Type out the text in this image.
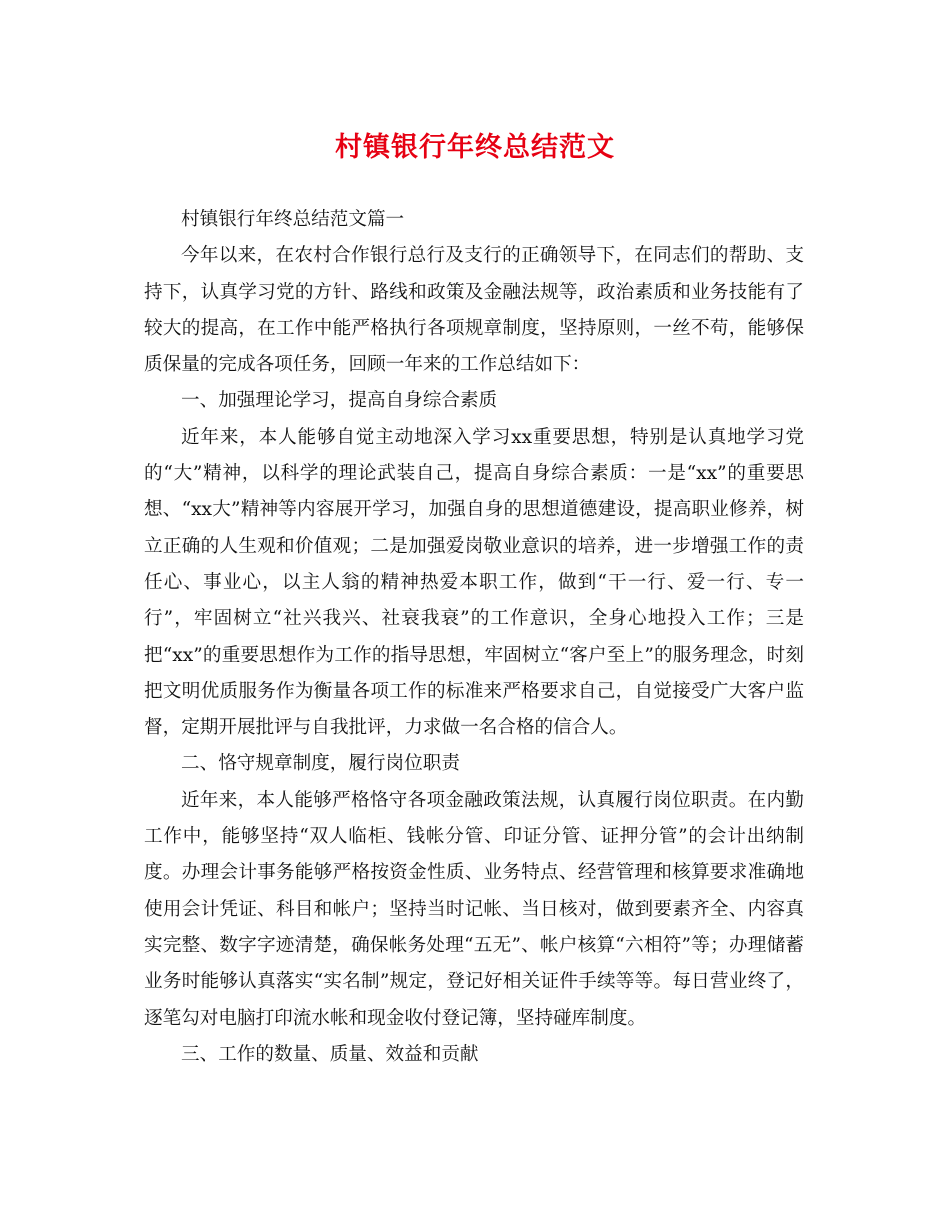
村镇银行年终总结范文

村镇银行年终总结范文篇一

今年以来，在农村合作银行总行及支行的正确领导下，在同志们的帮助、支持下，认真学习党的方针、路线和政策及金融法规等，政治素质和业务技能有了较大的提高，在工作中能严格执行各项规章制度，坚持原则，一丝不苟，能够保质保量的完成各项任务，回顾一年来的工作总结如下：

一、加强理论学习，提高自身综合素质

近年来，本人能够自觉主动地深入学习xx重要思想，特别是认真地学习党的“大”精神，以科学的理论武装自己，提高自身综合素质：一是“xx”的重要思想、“xx大”精神等内容展开学习，加强自身的思想道德建设，提高职业修养，树立正确的人生观和价值观；二是加强爱岗敬业意识的培养，进一步增强工作的责任心、事业心，以主人翁的精神热爱本职工作，做到“干一行、爱一行、专一行”，牢固树立“社兴我兴、社衰我衰”的工作意识，全身心地投入工作；三是把“xx”的重要思想作为工作的指导思想，牢固树立“客户至上”的服务理念，时刻把文明优质服务作为衡量各项工作的标准来严格要求自己，自觉接受广大客户监督，定期开展批评与自我批评，力求做一名合格的信合人。

二、恪守规章制度，履行岗位职责

近年来，本人能够严格恪守各项金融政策法规，认真履行岗位职责。在内勤工作中，能够坚持“双人临柜、钱帐分管、印证分管、证押分管”的会计出纳制度。办理会计事务能够严格按资金性质、业务特点、经营管理和核算要求准确地使用会计凭证、科目和帐户；坚持当时记帐、当日核对，做到要素齐全、内容真实完整、数字字迹清楚，确保帐务处理“五无”、帐户核算“六相符”等；办理储蓄业务时能够认真落实“实名制”规定，登记好相关证件手续等等。每日营业终了，逐笔勾对电脑打印流水帐和现金收付登记簿，坚持碰库制度。

三、工作的数量、质量、效益和贡献
